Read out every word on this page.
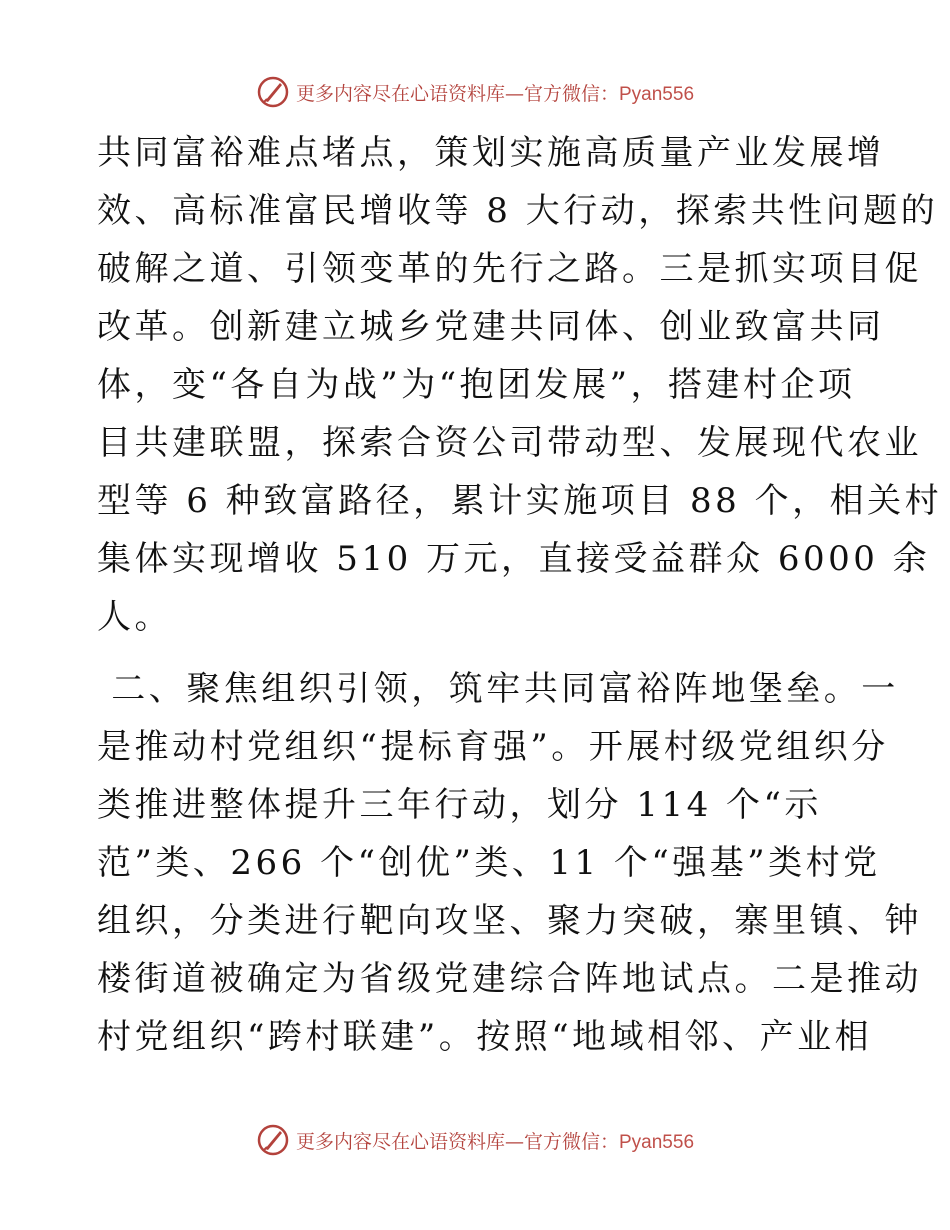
更多内容尽在心语资料库—官方微信：Pyan556
共同富裕难点堵点，策划实施高质量产业发展增
效、高标准富民增收等 8 大行动，探索共性问题的
破解之道、引领变革的先行之路。三是抓实项目促
改革。创新建立城乡党建共同体、创业致富共同
体，变“各自为战”为“抱团发展”，搭建村企项
目共建联盟，探索合资公司带动型、发展现代农业
型等 6 种致富路径，累计实施项目 88 个，相关村
集体实现增收 510 万元，直接受益群众 6000 余
人。
二、聚焦组织引领，筑牢共同富裕阵地堡垒。一
是推动村党组织“提标育强”。开展村级党组织分
类推进整体提升三年行动，划分 114 个“示
范”类、266 个“创优”类、11 个“强基”类村党
组织，分类进行靶向攻坚、聚力突破，寨里镇、钟
楼街道被确定为省级党建综合阵地试点。二是推动
村党组织“跨村联建”。按照“地域相邻、产业相
更多内容尽在心语资料库—官方微信：Pyan556
